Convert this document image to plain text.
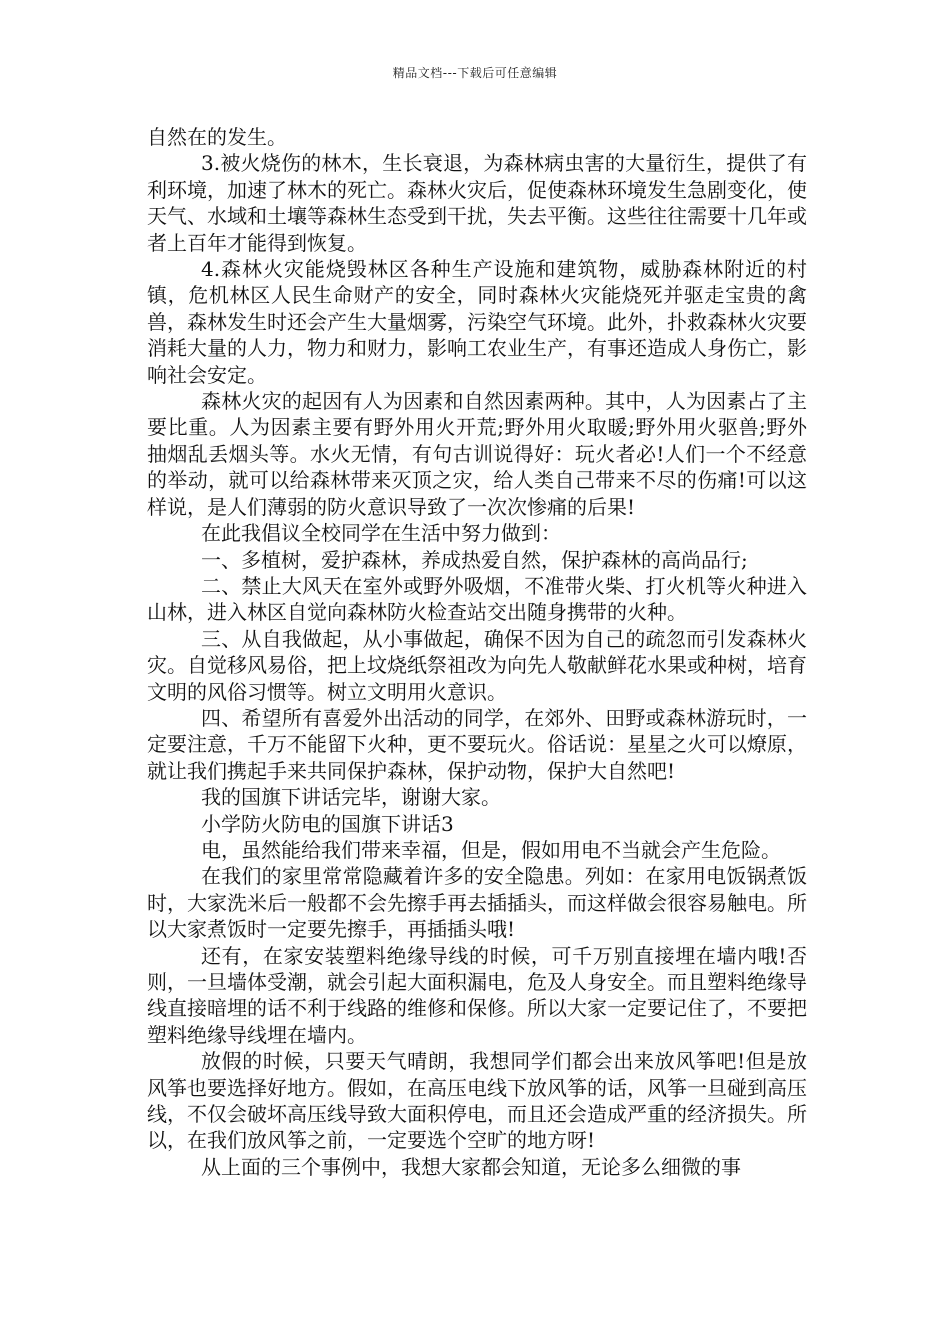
精品文档---下载后可任意编辑

自然在的发生。

3.被火烧伤的林木，生长衰退，为森林病虫害的大量衍生，提供了有利环境，加速了林木的死亡。森林火灾后，促使森林环境发生急剧变化，使天气、水域和土壤等森林生态受到干扰，失去平衡。这些往往需要十几年或者上百年才能得到恢复。

4.森林火灾能烧毁林区各种生产设施和建筑物，威胁森林附近的村镇，危机林区人民生命财产的安全，同时森林火灾能烧死并驱走宝贵的禽兽，森林发生时还会产生大量烟雾，污染空气环境。此外，扑救森林火灾要消耗大量的人力，物力和财力，影响工农业生产，有事还造成人身伤亡，影响社会安定。

森林火灾的起因有人为因素和自然因素两种。其中，人为因素占了主要比重。人为因素主要有野外用火开荒;野外用火取暖;野外用火驱兽;野外抽烟乱丢烟头等。水火无情，有句古训说得好：玩火者必!人们一个不经意的举动，就可以给森林带来灭顶之灾，给人类自己带来不尽的伤痛!可以这样说，是人们薄弱的防火意识导致了一次次惨痛的后果!

在此我倡议全校同学在生活中努力做到：

一、多植树，爱护森林，养成热爱自然，保护森林的高尚品行;

二、禁止大风天在室外或野外吸烟，不准带火柴、打火机等火种进入山林，进入林区自觉向森林防火检查站交出随身携带的火种。

三、从自我做起，从小事做起，确保不因为自己的疏忽而引发森林火灾。自觉移风易俗，把上坟烧纸祭祖改为向先人敬献鲜花水果或种树，培育文明的风俗习惯等。树立文明用火意识。

四、希望所有喜爱外出活动的同学，在郊外、田野或森林游玩时，一定要注意，千万不能留下火种，更不要玩火。俗话说：星星之火可以燎原，就让我们携起手来共同保护森林，保护动物，保护大自然吧!

我的国旗下讲话完毕，谢谢大家。

小学防火防电的国旗下讲话3

电，虽然能给我们带来幸福，但是，假如用电不当就会产生危险。

在我们的家里常常隐藏着许多的安全隐患。列如：在家用电饭锅煮饭时，大家洗米后一般都不会先擦手再去插插头，而这样做会很容易触电。所以大家煮饭时一定要先擦手，再插插头哦!

还有，在家安装塑料绝缘导线的时候，可千万别直接埋在墙内哦!否则，一旦墙体受潮，就会引起大面积漏电，危及人身安全。而且塑料绝缘导线直接暗埋的话不利于线路的维修和保修。所以大家一定要记住了，不要把塑料绝缘导线埋在墙内。

放假的时候，只要天气晴朗，我想同学们都会出来放风筝吧!但是放风筝也要选择好地方。假如，在高压电线下放风筝的话，风筝一旦碰到高压线，不仅会破坏高压线导致大面积停电，而且还会造成严重的经济损失。所以，在我们放风筝之前，一定要选个空旷的地方呀!

从上面的三个事例中，我想大家都会知道，无论多么细微的事
